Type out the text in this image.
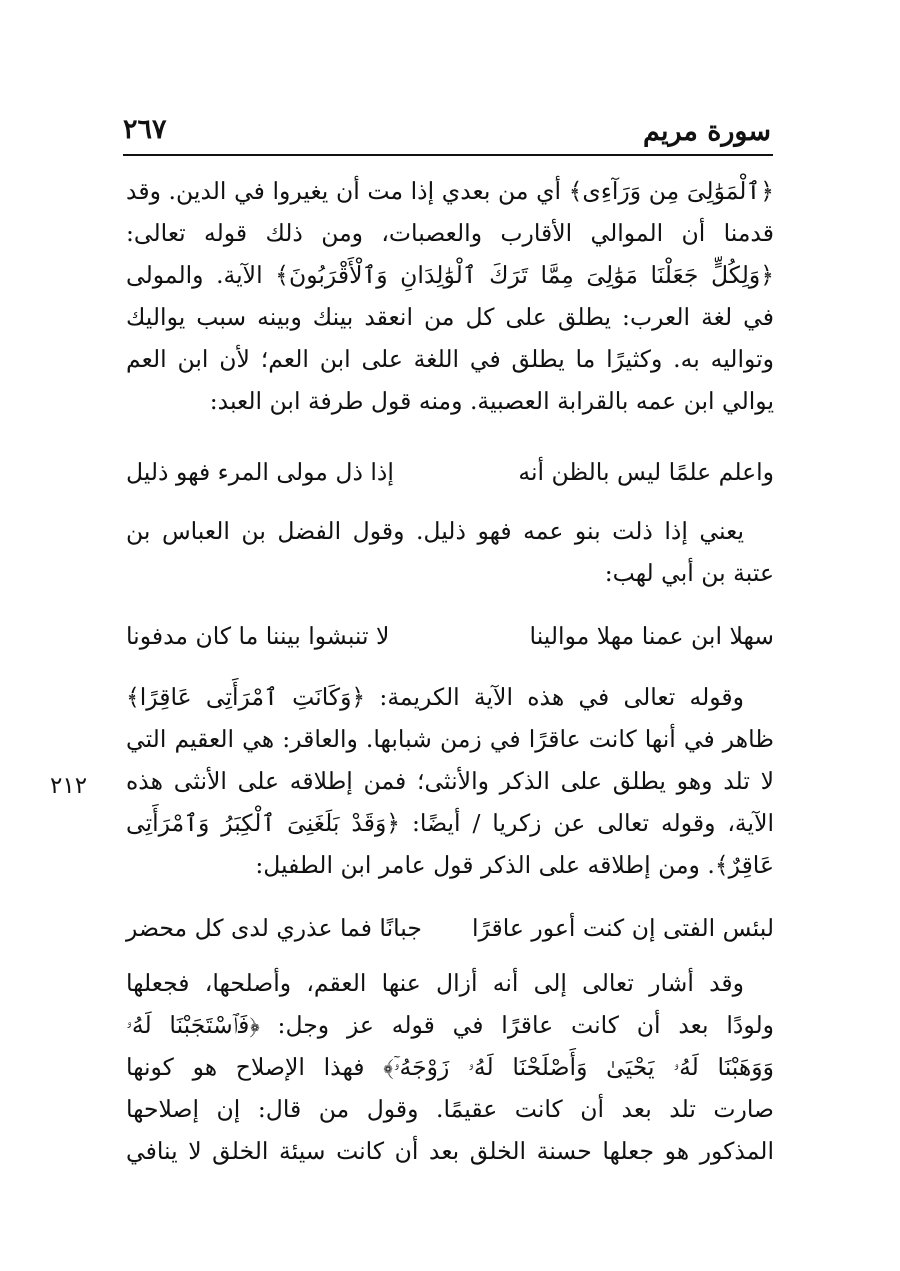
سورة مريم
٢٦٧
٢١٢
﴿ٱلْمَوَٰلِىَ مِن وَرَآءِى﴾ أي من بعدي إذا مت أن يغيروا في الدين. وقد
قدمنا أن الموالي الأقارب والعصبات، ومن ذلك قوله تعالى:
﴿وَلِكُلٍّ جَعَلْنَا مَوَٰلِىَ مِمَّا تَرَكَ ٱلْوَٰلِدَانِ وَٱلْأَقْرَبُونَ﴾ الآية. والمولى
في لغة العرب: يطلق على كل من انعقد بينك وبينه سبب يواليك
وتواليه به. وكثيرًا ما يطلق في اللغة على ابن العم؛ لأن ابن العم
يوالي ابن عمه بالقرابة العصبية. ومنه قول طرفة ابن العبد:
واعلم علمًا ليس بالظن أنه
إذا ذل مولى المرء فهو ذليل
يعني إذا ذلت بنو عمه فهو ذليل. وقول الفضل بن العباس بن
عتبة بن أبي لهب:
سهلا ابن عمنا مهلا موالينا
لا تنبشوا بيننا ما كان مدفونا
وقوله تعالى في هذه الآية الكريمة: ﴿وَكَانَتِ ٱمْرَأَتِى عَاقِرًا﴾
ظاهر في أنها كانت عاقرًا في زمن شبابها. والعاقر: هي العقيم التي
لا تلد وهو يطلق على الذكر والأنثى؛ فمن إطلاقه على الأنثى هذه
الآية، وقوله تعالى عن زكريا / أيضًا: ﴿وَقَدْ بَلَغَنِىَ ٱلْكِبَرُ وَٱمْرَأَتِى
عَاقِرٌ﴾. ومن إطلاقه على الذكر قول عامر ابن الطفيل:
لبئس الفتى إن كنت أعور عاقرًا
جبانًا فما عذري لدى كل محضر
وقد أشار تعالى إلى أنه أزال عنها العقم، وأصلحها، فجعلها
ولودًا بعد أن كانت عاقرًا في قوله عز وجل: ﴿فَٱسْتَجَبْنَا لَهُۥ
وَوَهَبْنَا لَهُۥ يَحْيَىٰ وَأَصْلَحْنَا لَهُۥ زَوْجَهُۥٓ﴾ فهذا الإصلاح هو كونها
صارت تلد بعد أن كانت عقيمًا. وقول من قال: إن إصلاحها
المذكور هو جعلها حسنة الخلق بعد أن كانت سيئة الخلق لا ينافي
